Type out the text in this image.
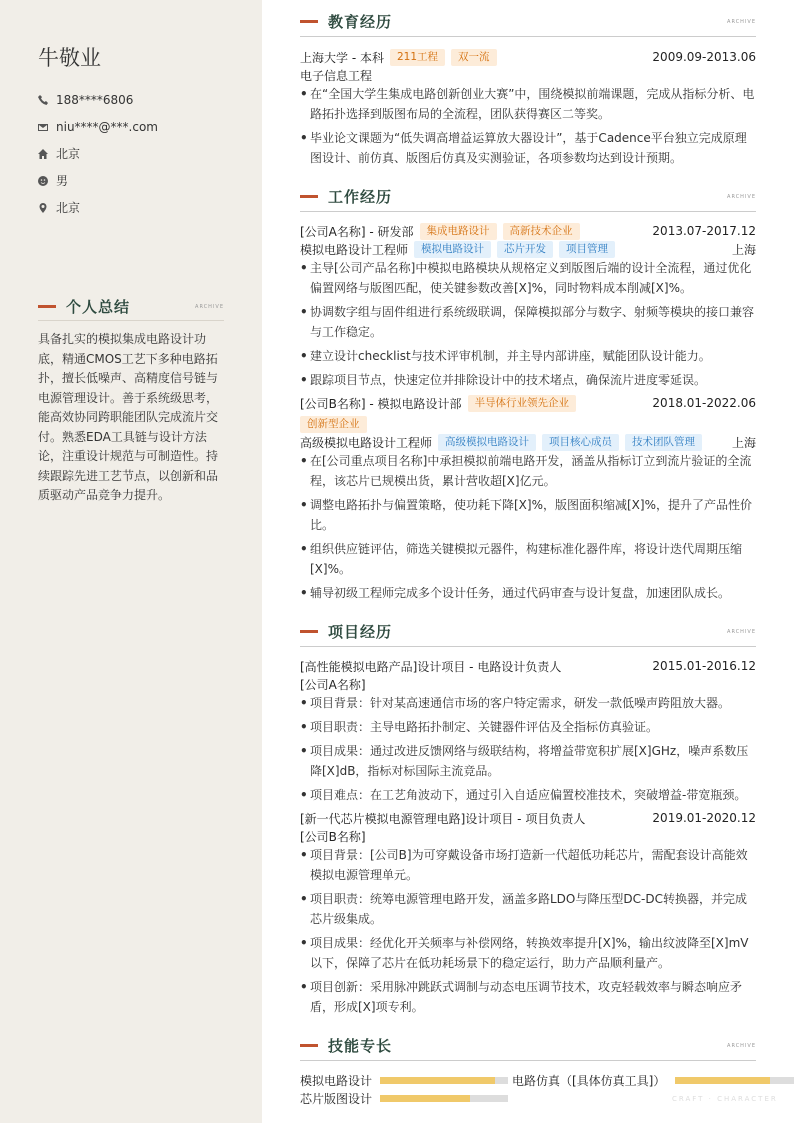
牛敬业
188****6806
niu****@***.com
北京
男
北京
个人总结	ARCHIVE
具备扎实的模拟集成电路设计功底，精通CMOS工艺下多种电路拓扑，擅长低噪声、高精度信号链与电源管理设计。善于系统级思考，能高效协同跨职能团队完成流片交付。熟悉EDA工具链与设计方法论，注重设计规范与可制造性。持续跟踪先进工艺节点，以创新和品质驱动产品竞争力提升。
教育经历	ARCHIVE
上海大学 - 本科	211工程	双一流	2009.09-2013.06
电子信息工程
• 在“全国大学生集成电路创新创业大赛”中，围绕模拟前端课题，完成从指标分析、电路拓扑选择到版图布局的全流程，团队获得赛区二等奖。
• 毕业论文课题为“低失调高增益运算放大器设计”，基于Cadence平台独立完成原理图设计、前仿真、版图后仿真及实测验证，各项参数均达到设计预期。
工作经历	ARCHIVE
[公司A名称] - 研发部	集成电路设计	高新技术企业	2013.07-2017.12
模拟电路设计工程师	模拟电路设计	芯片开发	项目管理	上海
• 主导[公司产品名称]中模拟电路模块从规格定义到版图后端的设计全流程，通过优化偏置网络与版图匹配，使关键参数改善[X]%，同时物料成本削减[X]%。
• 协调数字组与固件组进行系统级联调，保障模拟部分与数字、射频等模块的接口兼容与工作稳定。
• 建立设计checklist与技术评审机制，并主导内部讲座，赋能团队设计能力。
• 跟踪项目节点，快速定位并排除设计中的技术堵点，确保流片进度零延误。
[公司B名称] - 模拟电路设计部	半导体行业领先企业	2018.01-2022.06
创新型企业
高级模拟电路设计工程师	高级模拟电路设计	项目核心成员	技术团队管理	上海
• 在[公司重点项目名称]中承担模拟前端电路开发，涵盖从指标订立到流片验证的全流程，该芯片已规模出货，累计营收超[X]亿元。
• 调整电路拓扑与偏置策略，使功耗下降[X]%，版图面积缩减[X]%，提升了产品性价比。
• 组织供应链评估，筛选关键模拟元器件，构建标准化器件库，将设计迭代周期压缩[X]%。
• 辅导初级工程师完成多个设计任务，通过代码审查与设计复盘，加速团队成长。
项目经历	ARCHIVE
[高性能模拟电路产品]设计项目 - 电路设计负责人	2015.01-2016.12
[公司A名称]
• 项目背景：针对某高速通信市场的客户特定需求，研发一款低噪声跨阻放大器。
• 项目职责：主导电路拓扑制定、关键器件评估及全指标仿真验证。
• 项目成果：通过改进反馈网络与级联结构，将增益带宽积扩展[X]GHz，噪声系数压降[X]dB，指标对标国际主流竞品。
• 项目难点：在工艺角波动下，通过引入自适应偏置校准技术，突破增益-带宽瓶颈。
[新一代芯片模拟电源管理电路]设计项目 - 项目负责人	2019.01-2020.12
[公司B名称]
• 项目背景：[公司B]为可穿戴设备市场打造新一代超低功耗芯片，需配套设计高能效模拟电源管理单元。
• 项目职责：统筹电源管理电路开发，涵盖多路LDO与降压型DC-DC转换器，并完成芯片级集成。
• 项目成果：经优化开关频率与补偿网络，转换效率提升[X]%，输出纹波降至[X]mV以下，保障了芯片在低功耗场景下的稳定运行，助力产品顺利量产。
• 项目创新：采用脉冲跳跃式调制与动态电压调节技术，攻克轻载效率与瞬态响应矛盾，形成[X]项专利。
技能专长	ARCHIVE
模拟电路设计	电路仿真（[具体仿真工具]）
芯片版图设计	CRAFT · CHARACTER
